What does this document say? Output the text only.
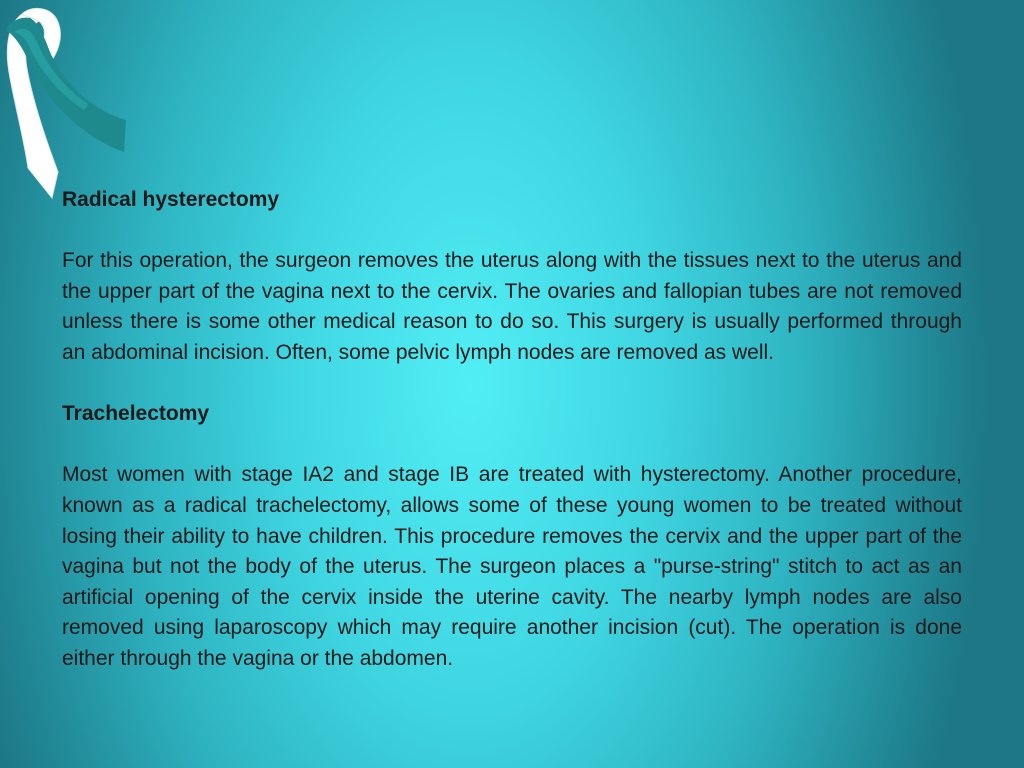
Radical hysterectomy

For this operation, the surgeon removes the uterus along with the tissues next to the uterus and the upper part of the vagina next to the cervix. The ovaries and fallopian tubes are not removed unless there is some other medical reason to do so. This surgery is usually performed through an abdominal incision. Often, some pelvic lymph nodes are removed as well.

Trachelectomy

Most women with stage IA2 and stage IB are treated with hysterectomy. Another procedure, known as a radical trachelectomy, allows some of these young women to be treated without losing their ability to have children. This procedure removes the cervix and the upper part of the vagina but not the body of the uterus. The surgeon places a "purse-string" stitch to act as an artificial opening of the cervix inside the uterine cavity. The nearby lymph nodes are also removed using laparoscopy which may require another incision (cut). The operation is done either through the vagina or the abdomen.
